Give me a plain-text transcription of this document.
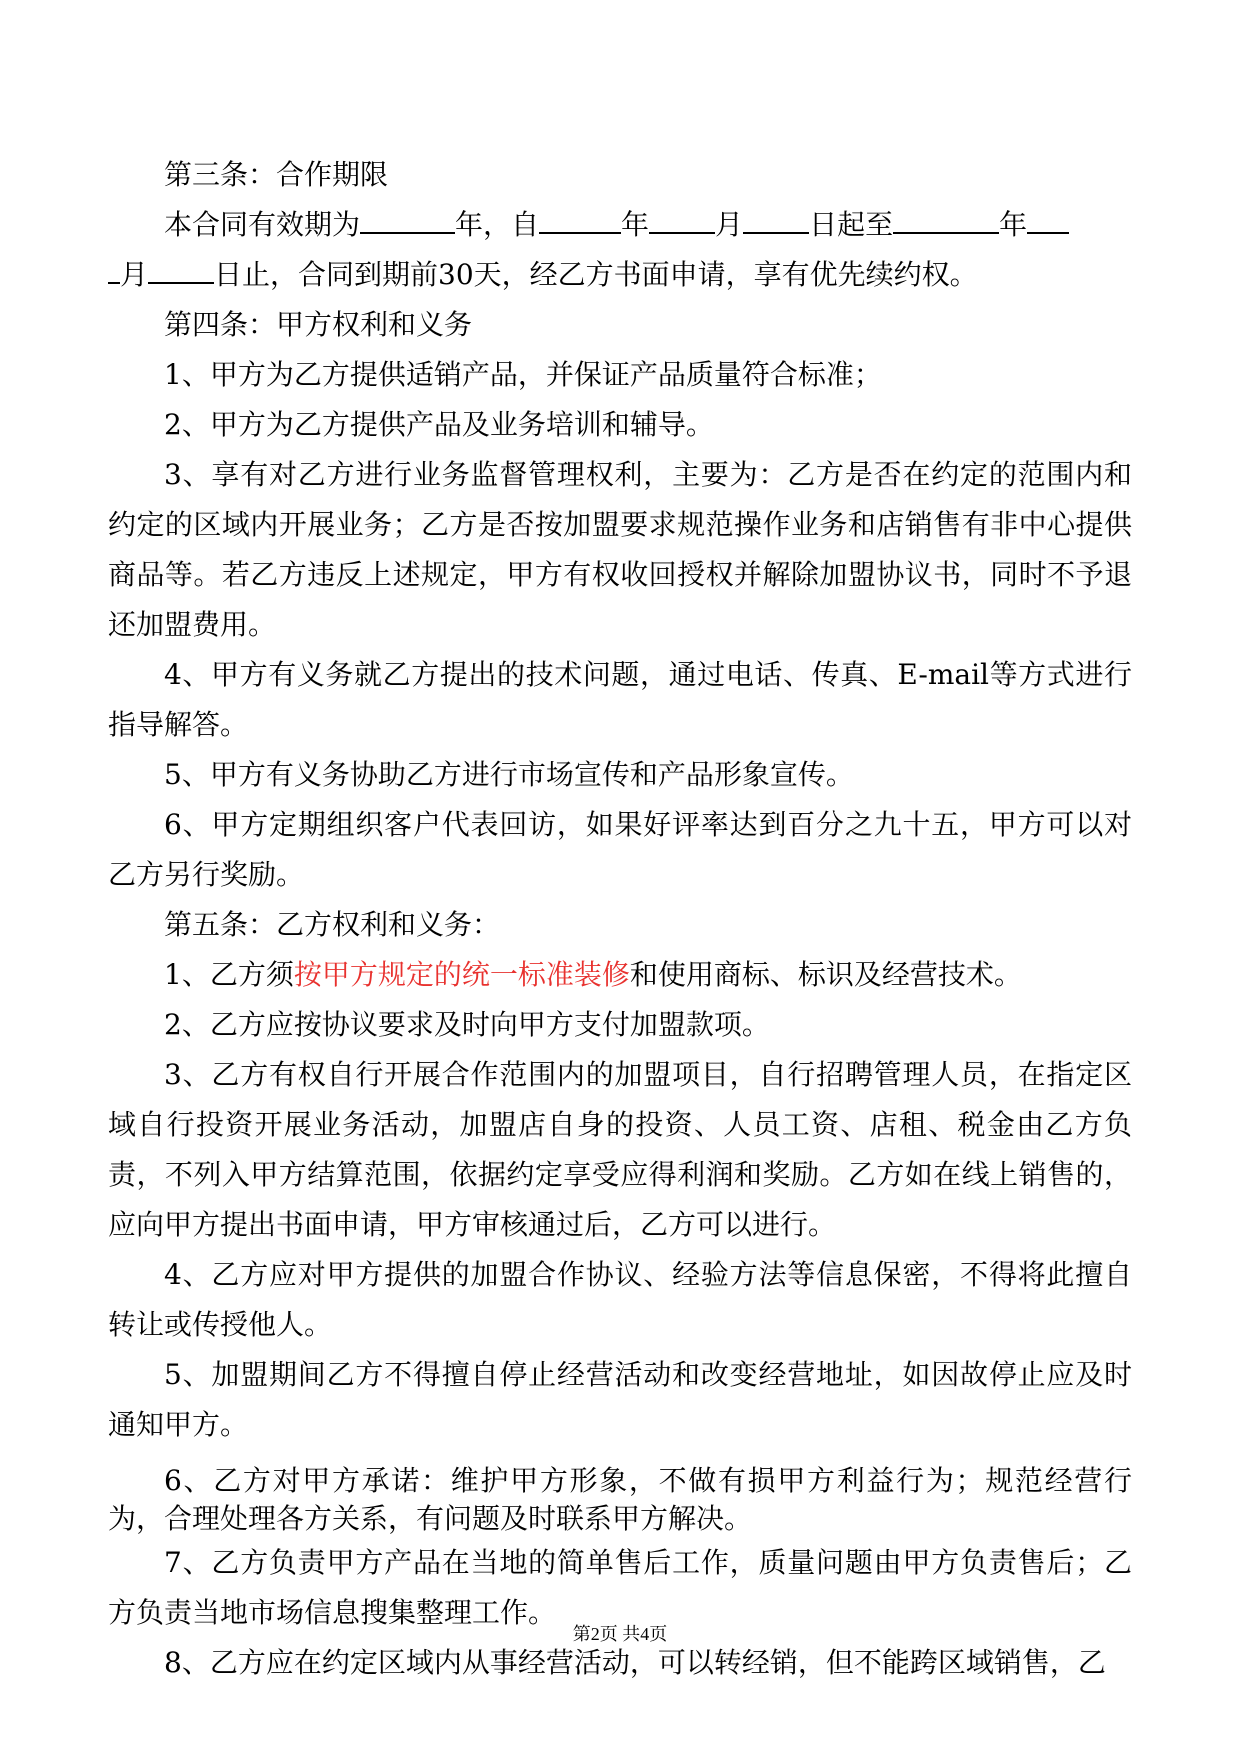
第三条：合作期限

本合同有效期为	年，自	年 月 日起至	年

月 日止，合同到期前30天，经乙方书面申请，享有优先续约权。

第四条：甲方权利和义务

1、甲方为乙方提供适销产品，并保证产品质量符合标准；

2、甲方为乙方提供产品及业务培训和辅导。

3、享有对乙方进行业务监督管理权利，主要为：乙方是否在约定的范围内和约定的区域内开展业务；乙方是否按加盟要求规范操作业务和店销售有非中心提供商品等。若乙方违反上述规定，甲方有权收回授权并解除加盟协议书，同时不予退还加盟费用。

4、甲方有义务就乙方提出的技术问题，通过电话、传真、E-mail等方式进行指导解答。

5、甲方有义务协助乙方进行市场宣传和产品形象宣传。

6、甲方定期组织客户代表回访，如果好评率达到百分之九十五，甲方可以对乙方另行奖励。

第五条：乙方权利和义务：

1、乙方须按甲方规定的统一标准装修和使用商标、标识及经营技术。

2、乙方应按协议要求及时向甲方支付加盟款项。

3、乙方有权自行开展合作范围内的加盟项目，自行招聘管理人员，在指定区域自行投资开展业务活动，加盟店自身的投资、人员工资、店租、税金由乙方负责，不列入甲方结算范围，依据约定享受应得利润和奖励。乙方如在线上销售的，应向甲方提出书面申请，甲方审核通过后，乙方可以进行。

4、乙方应对甲方提供的加盟合作协议、经验方法等信息保密，不得将此擅自转让或传授他人。

5、加盟期间乙方不得擅自停止经营活动和改变经营地址，如因故停止应及时通知甲方。

6、乙方对甲方承诺：维护甲方形象，不做有损甲方利益行为；规范经营行为，合理处理各方关系，有问题及时联系甲方解决。

7、乙方负责甲方产品在当地的简单售后工作，质量问题由甲方负责售后；乙方负责当地市场信息搜集整理工作。

8、乙方应在约定区域内从事经营活动，可以转经销，但不能跨区域销售，乙

第2页 共4页
